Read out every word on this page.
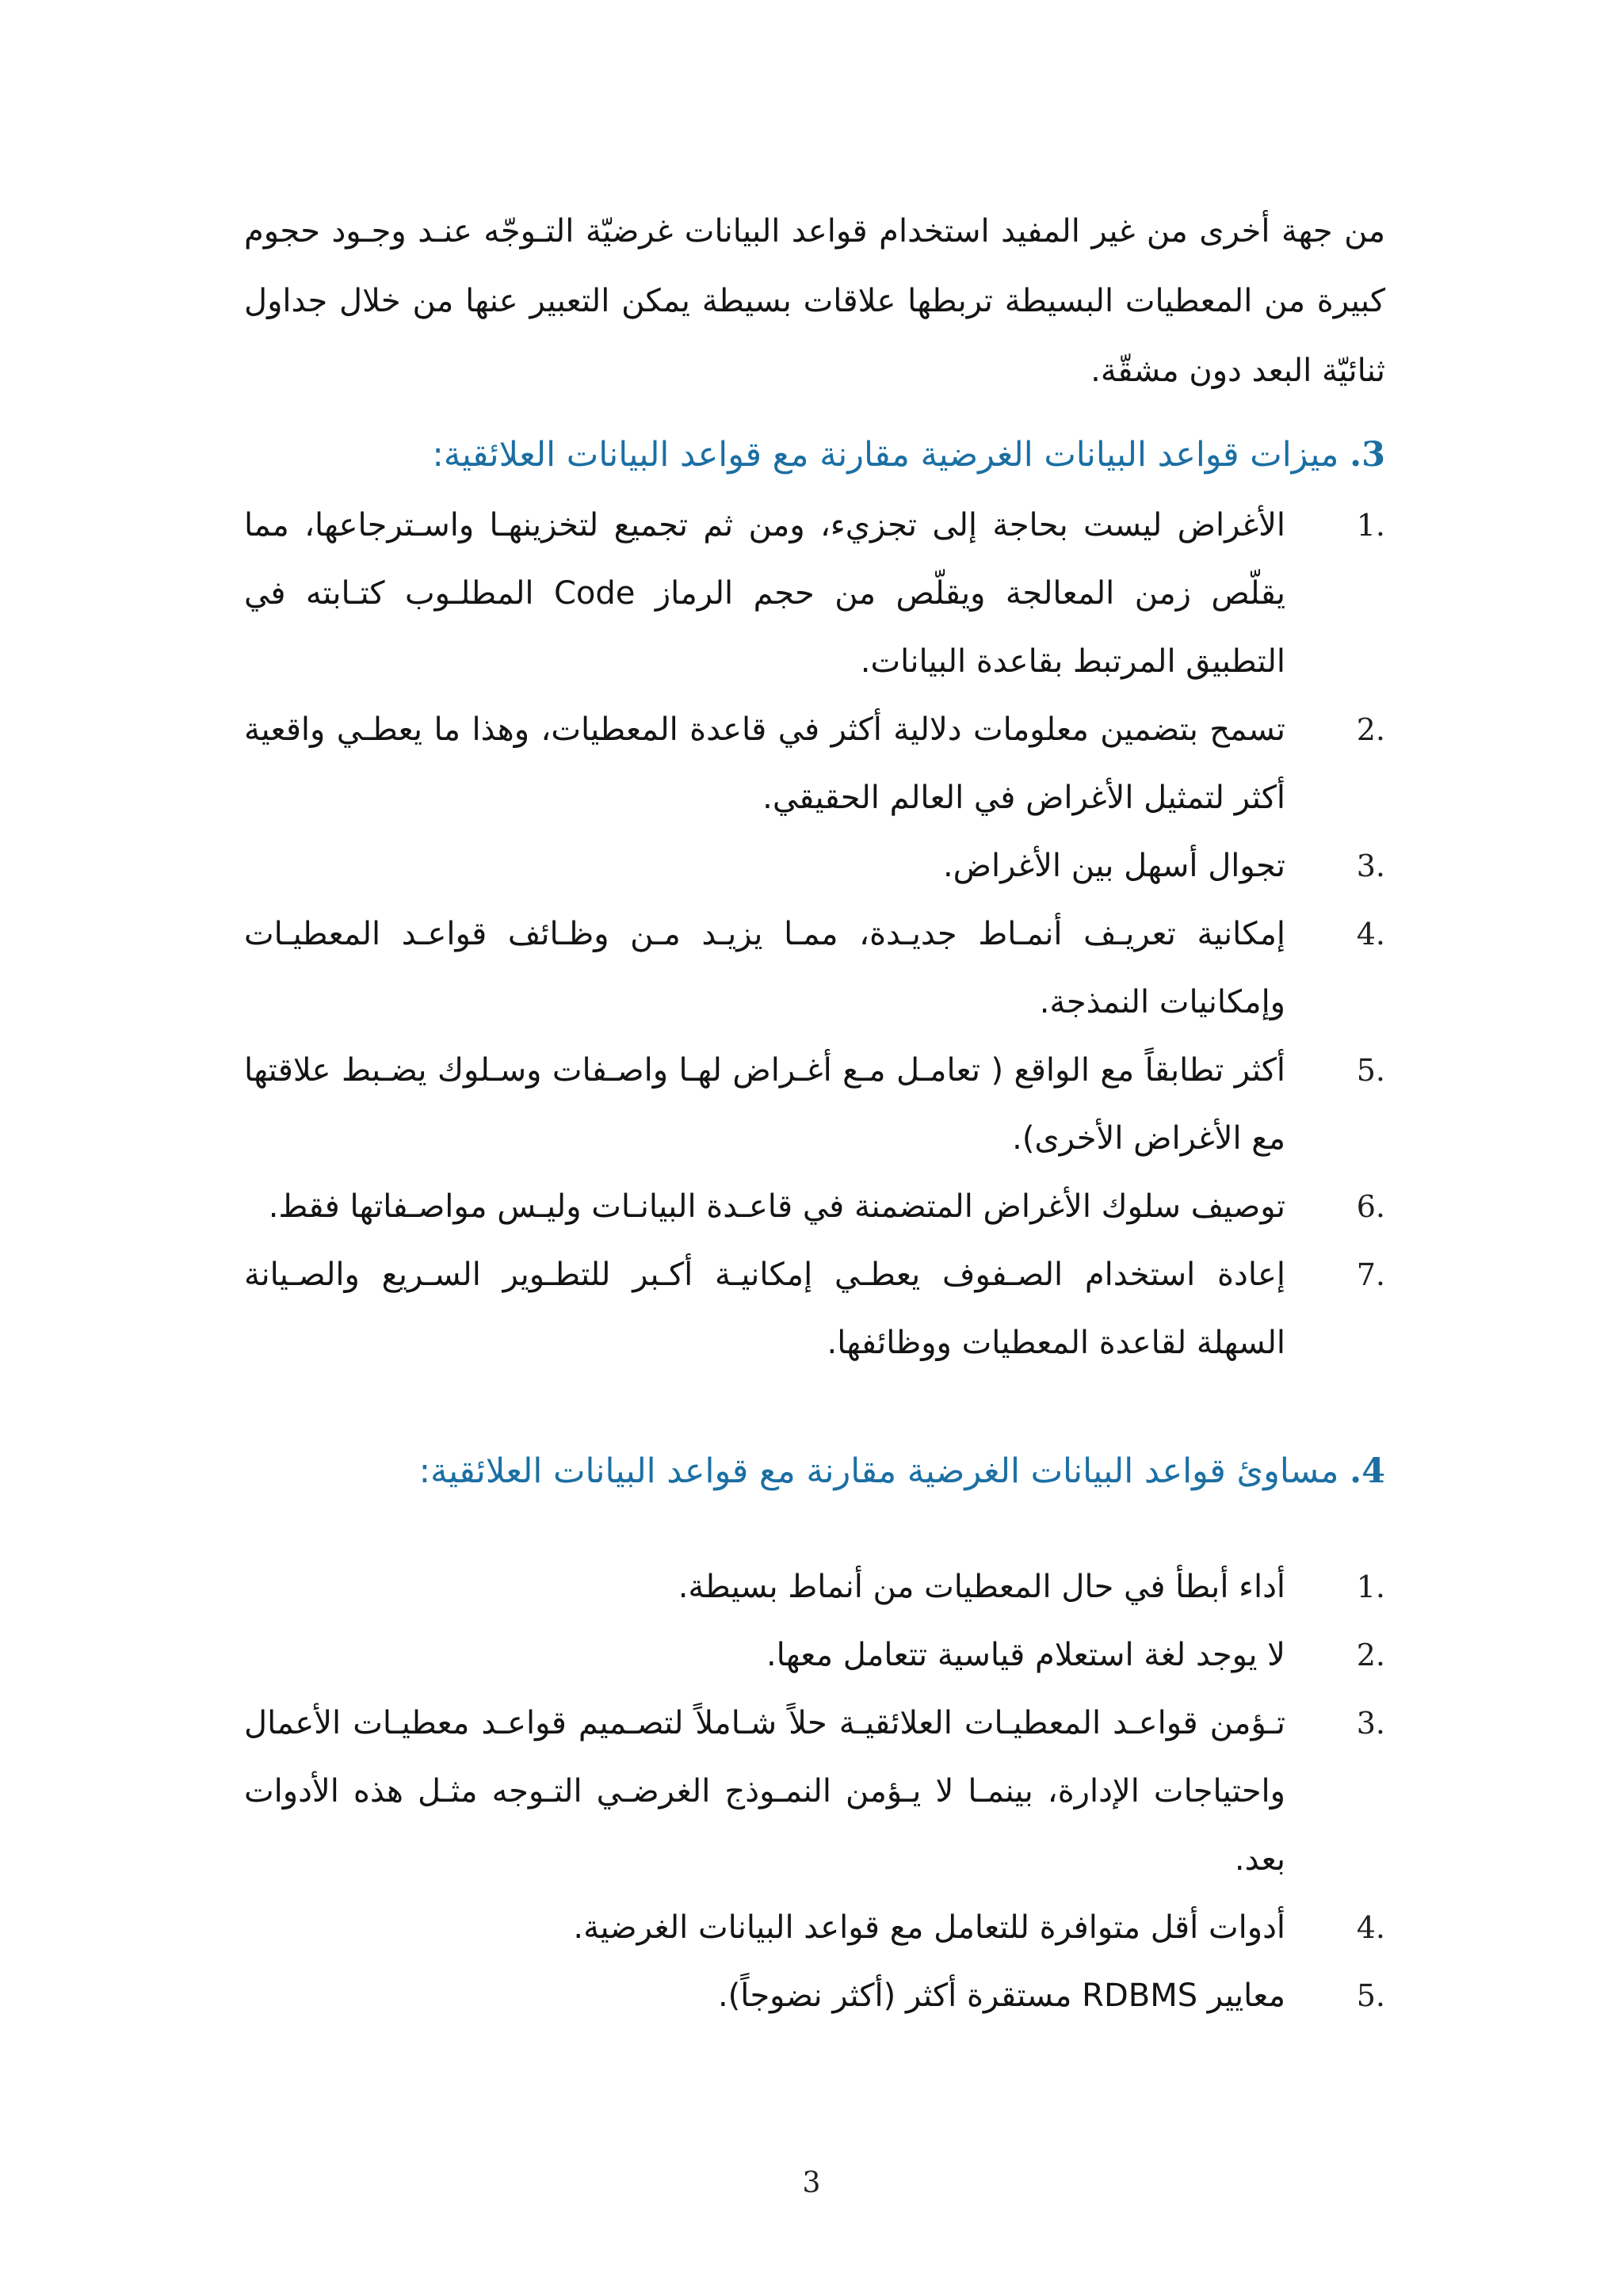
من جهة أخرى من غير المفيد استخدام قواعد البيانات غرضيّة التـوجّه عنـد وجـود حجوم كبيرة من المعطيات البسيطة تربطها علاقات بسيطة يمكن التعبير عنها من خلال جداول ثنائيّة البعد دون مشقّة.

3. ميزات قواعد البيانات الغرضية مقارنة مع قواعد البيانات العلائقية:
1.
الأغراض ليست بحاجة إلى تجزيء، ومن ثم تجميع لتخزينهـا واسـترجاعها، مما يقلّص زمن المعالجة ويقلّص من حجم الرماز Code المطلـوب كتـابته في التطبيق المرتبط بقاعدة البيانات.
2.
تسمح بتضمين معلومات دلالية أكثر في قاعدة المعطيات، وهذا ما يعطـي واقعية أكثر لتمثيل الأغراض في العالم الحقيقي.
3.
تجوال أسهل بين الأغراض.
4.
إمكانية تعريـف أنمـاط جديـدة، ممـا يزيـد مـن وظـائف قواعـد المعطيـات وإمكانيات النمذجة.
5.
أكثر تطابقاً مع الواقع ( تعامـل مـع أغـراض لهـا واصـفات وسـلوك يضـبط علاقتها مع الأغراض الأخرى).
6.
توصيف سلوك الأغراض المتضمنة في قاعـدة البيانـات وليـس مواصـفاتها فقط.
7.
إعادة استخدام الصـفوف يعطـي إمكانيـة أكـبر للتطـوير السـريع والصـيانة السهلة لقاعدة المعطيات ووظائفها.
4. مساوئ قواعد البيانات الغرضية مقارنة مع قواعد البيانات العلائقية:
1.
أداء أبطأ في حال المعطيات من أنماط بسيطة.
2.
لا يوجد لغة استعلام قياسية تتعامل معها.
3.
تـؤمن قواعـد المعطيـات العلائقيـة حلاً شـاملاً لتصـميم قواعـد معطيـات الأعمال واحتياجات الإدارة، بينمـا لا يـؤمن النمـوذج الغرضـي التـوجه مثـل هذه الأدوات بعد.
4.
أدوات أقل متوافرة للتعامل مع قواعد البيانات الغرضية.
5.
معايير RDBMS مستقرة أكثر (أكثر نضوجاً).
3
